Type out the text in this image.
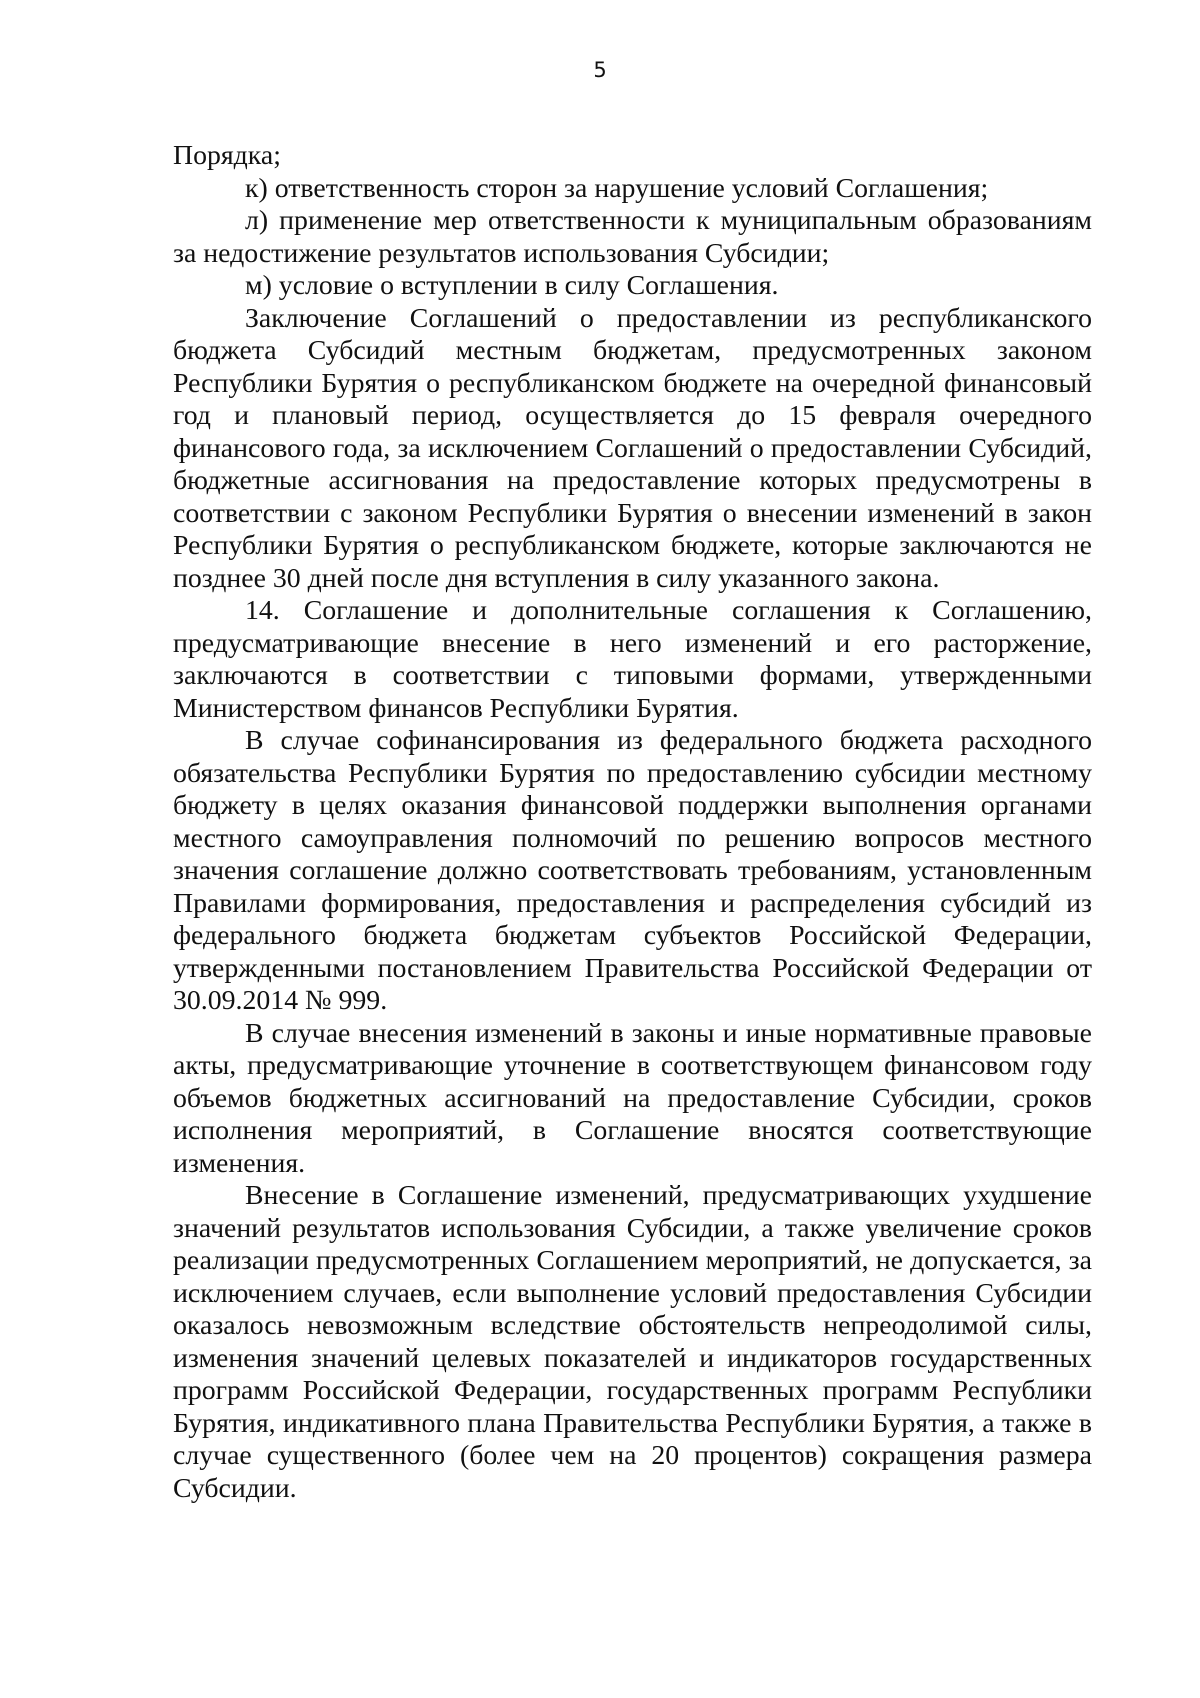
5

Порядка;

к) ответственность сторон за нарушение условий Соглашения;

л) применение мер ответственности к муниципальным образованиям за недостижение результатов использования Субсидии;

м) условие о вступлении в силу Соглашения.

Заключение Соглашений о предоставлении из республиканского бюджета Субсидий местным бюджетам, предусмотренных законом Республики Бурятия о республиканском бюджете на очередной финансовый год и плановый период, осуществляется до 15 февраля очередного финансового года, за исключением Соглашений о предоставлении Субсидий, бюджетные ассигнования на предоставление которых предусмотрены в соответствии с законом Республики Бурятия о внесении изменений в закон Республики Бурятия о республиканском бюджете, которые заключаются не позднее 30 дней после дня вступления в силу указанного закона.

14. Соглашение и дополнительные соглашения к Соглашению, предусматривающие внесение в него изменений и его расторжение, заключаются в соответствии с типовыми формами, утвержденными Министерством финансов Республики Бурятия.

В случае софинансирования из федерального бюджета расходного обязательства Республики Бурятия по предоставлению субсидии местному бюджету в целях оказания финансовой поддержки выполнения органами местного самоуправления полномочий по решению вопросов местного значения соглашение должно соответствовать требованиям, установленным Правилами формирования, предоставления и распределения субсидий из федерального бюджета бюджетам субъектов Российской Федерации, утвержденными постановлением Правительства Российской Федерации от 30.09.2014 № 999.

В случае внесения изменений в законы и иные нормативные правовые акты, предусматривающие уточнение в соответствующем финансовом году объемов бюджетных ассигнований на предоставление Субсидии, сроков исполнения мероприятий, в Соглашение вносятся соответствующие изменения.

Внесение в Соглашение изменений, предусматривающих ухудшение значений результатов использования Субсидии, а также увеличение сроков реализации предусмотренных Соглашением мероприятий, не допускается, за исключением случаев, если выполнение условий предоставления Субсидии оказалось невозможным вследствие обстоятельств непреодолимой силы, изменения значений целевых показателей и индикаторов государственных программ Российской Федерации, государственных программ Республики Бурятия, индикативного плана Правительства Республики Бурятия, а также в случае существенного (более чем на 20 процентов) сокращения размера Субсидии.
